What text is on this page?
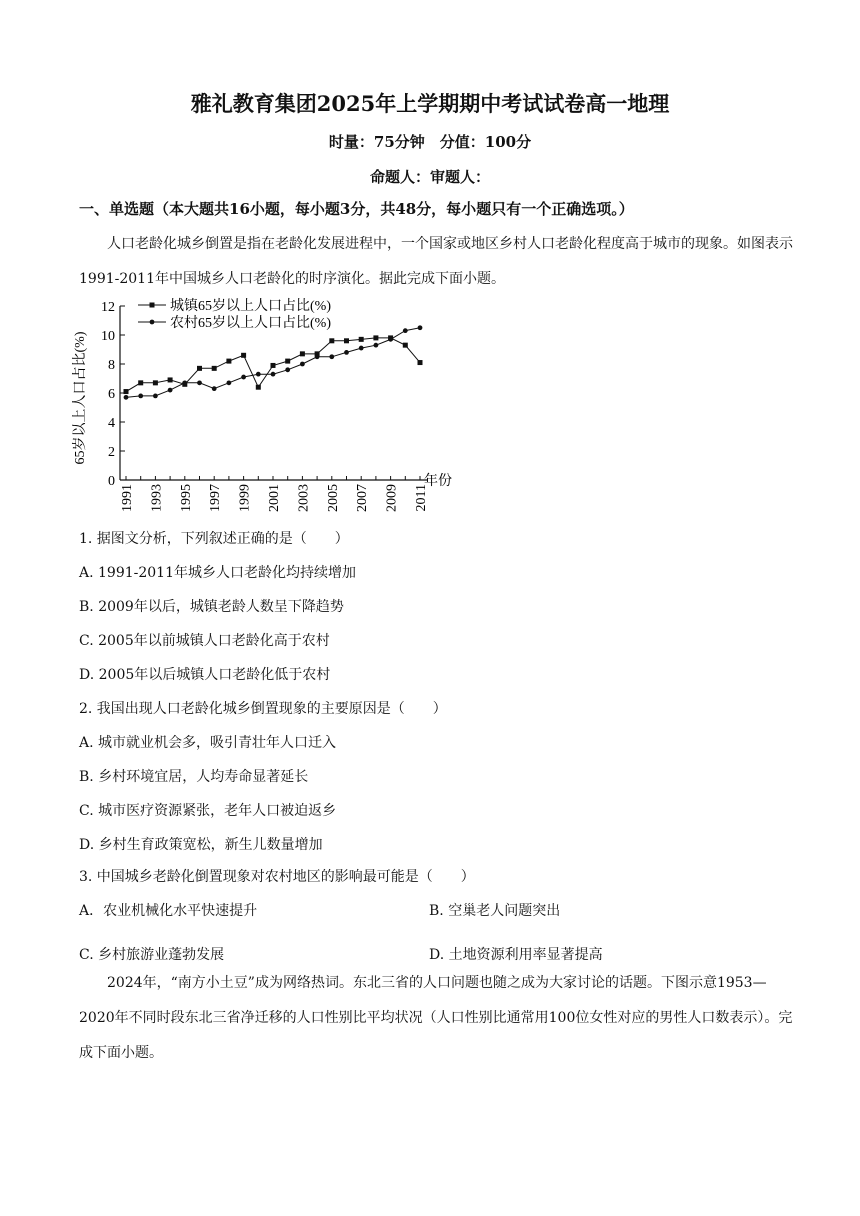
雅礼教育集团2025年上学期期中考试试卷高一地理
时量：75分钟　分值：100分
命题人：审题人：
一、单选题（本大题共16小题，每小题3分，共48分，每小题只有一个正确选项。）
人口老龄化城乡倒置是指在老龄化发展进程中，一个国家或地区乡村人口老龄化程度高于城市的现象。如图表示1991-2011年中国城乡人口老龄化的时序演化。据此完成下面小题。
0
2
4
6
8
10
12
1991 1993 1995 1997 1999 2001 2003 2005 2007 2009 2011
城镇65岁以上人口占比(%)
农村65岁以上人口占比(%)
65岁以上人口占比(%)
年份
1. 据图文分析，下列叙述正确的是（　　）
A. 1991-2011年城乡人口老龄化均持续增加
B. 2009年以后，城镇老龄人数呈下降趋势
C. 2005年以前城镇人口老龄化高于农村
D. 2005年以后城镇人口老龄化低于农村
2. 我国出现人口老龄化城乡倒置现象的主要原因是（　　）
A. 城市就业机会多，吸引青壮年人口迁入
B. 乡村环境宜居，人均寿命显著延长
C. 城市医疗资源紧张，老年人口被迫返乡
D. 乡村生育政策宽松，新生儿数量增加
3. 中国城乡老龄化倒置现象对农村地区的影响最可能是（　　）
A．农业机械化水平快速提升	B. 空巢老人问题突出
C. 乡村旅游业蓬勃发展	D. 土地资源利用率显著提高
2024年，“南方小土豆”成为网络热词。东北三省的人口问题也随之成为大家讨论的话题。下图示意1953—2020年不同时段东北三省净迁移的人口性别比平均状况（人口性别比通常用100位女性对应的男性人口数表示）。完成下面小题。
